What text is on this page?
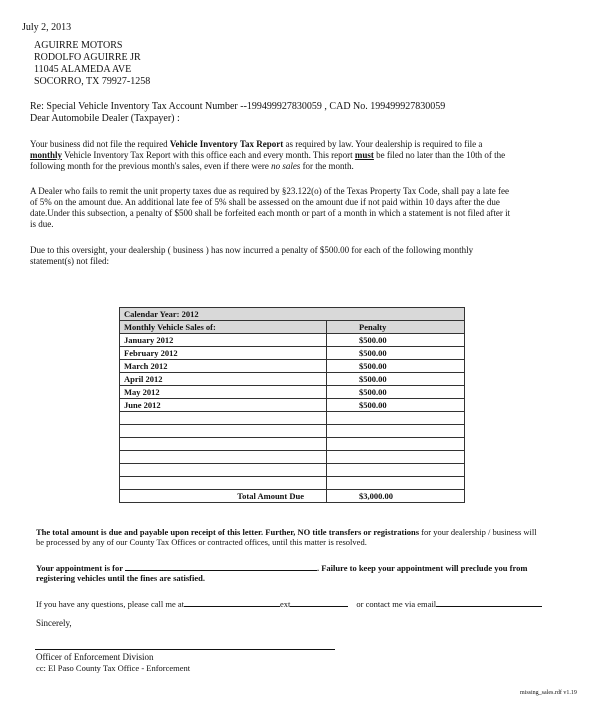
July 2, 2013
AGUIRRE MOTORS
RODOLFO AGUIRRE JR
11045 ALAMEDA AVE
SOCORRO, TX 79927-1258
Re: Special Vehicle Inventory Tax Account Number --199499927830059 , CAD No. 199499927830059
Dear Automobile Dealer (Taxpayer) :
Your business did not file the required Vehicle Inventory Tax Report as required by law. Your dealership is required to file a
monthly Vehicle Inventory Tax Report with this office each and every month. This report must be filed no later than the 10th of the
following month for the previous month's sales, even if there were no sales for the month.
A Dealer who fails to remit the unit property taxes due as required by §23.122(o) of the Texas Property Tax Code, shall pay a late fee
of 5% on the amount due. An additional late fee of 5% shall be assessed on the amount due if not paid within 10 days after the due
date.Under this subsection, a penalty of $500 shall be forfeited each month or part of a month in which a statement is not filed after it
is due.
Due to this oversight, your dealership ( business ) has now incurred a penalty of $500.00 for each of the following monthly
statement(s) not filed:
Calendar Year: 2012	
Monthly Vehicle Sales of:	Penalty
January 2012	$500.00
February 2012	$500.00
March 2012	$500.00
April 2012	$500.00
May 2012	$500.00
June 2012	$500.00

Total Amount Due	$3,000.00
The total amount is due and payable upon receipt of this letter. Further, NO title transfers or registrations for your dealership / business will
be processed by any of our County Tax Offices or contracted offices, until this matter is resolved.
Your appointment is for	. Failure to keep your appointment will preclude you from
registering vehicles until the fines are satisfied.
If you have any questions, please call me at	ext	or contact me via email
Sincerely,
Officer of Enforcement Division
cc: El Paso County Tax Office - Enforcement
missing_sales.rdf v1.19
